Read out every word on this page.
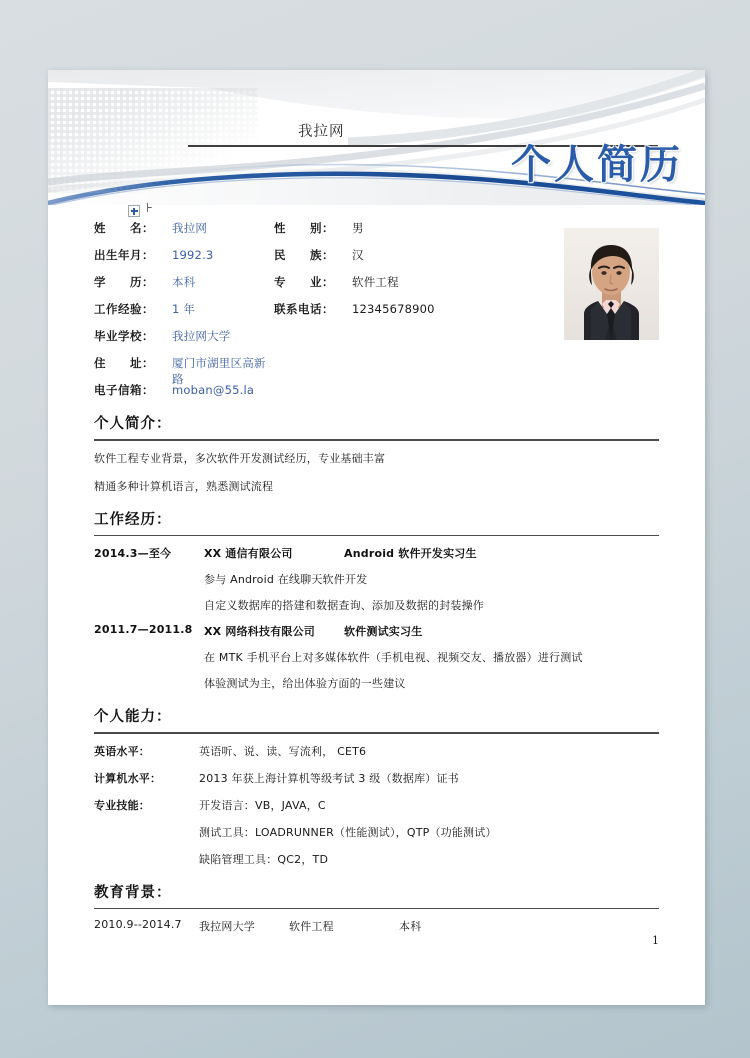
我拉网
个人简历
⊦
姓　　名：	我拉网	性　　别：	男
出生年月：	1992.3	民　　族：	汉
学　　历：	本科	专　　业：	软件工程
工作经验：	1 年	联系电话：	12345678900
毕业学校：	我拉网大学
住　　址：	厦门市湖里区高新路
电子信箱：	moban@55.la
个人简介：
软件工程专业背景，多次软件开发测试经历，专业基础丰富
精通多种计算机语言，熟悉测试流程
工作经历：
2014.3—至今	XX 通信有限公司	Android 软件开发实习生
参与 Android 在线聊天软件开发
自定义数据库的搭建和数据查询、添加及数据的封装操作
2011.7—2011.8	XX 网络科技有限公司	软件测试实习生
在 MTK 手机平台上对多媒体软件（手机电视、视频交友、播放器）进行测试
体验测试为主，给出体验方面的一些建议
个人能力：
英语水平：	英语听、说、读、写流利， CET6
计算机水平：	2013 年获上海计算机等级考试 3 级（数据库）证书
专业技能：	开发语言：VB，JAVA，C
测试工具：LOADRUNNER（性能测试），QTP（功能测试）
缺陷管理工具：QC2，TD
教育背景：
2010.9--2014.7	我拉网大学	软件工程	本科
1
